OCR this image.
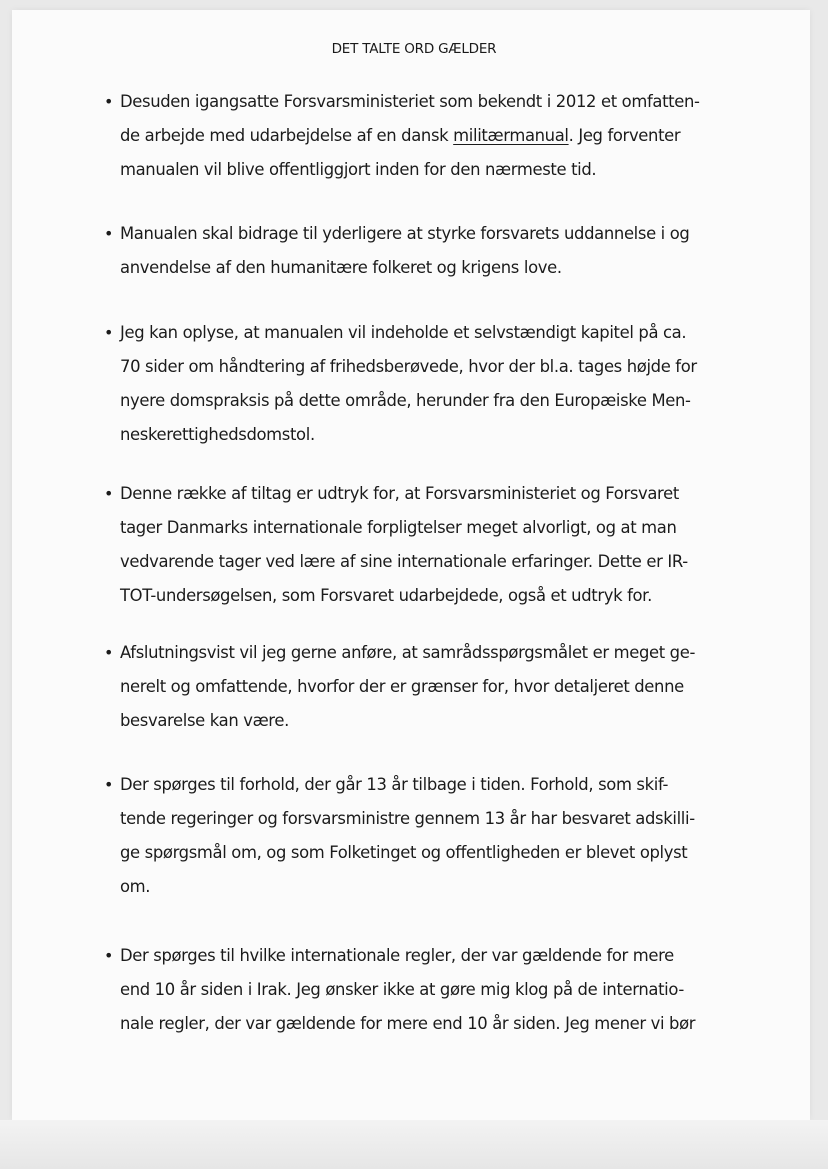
DET TALTE ORD GÆLDER
• Desuden igangsatte Forsvarsministeriet som bekendt i 2012 et omfatten-
de arbejde med udarbejdelse af en dansk militærmanual. Jeg forventer
manualen vil blive offentliggjort inden for den nærmeste tid.
• Manualen skal bidrage til yderligere at styrke forsvarets uddannelse i og
anvendelse af den humanitære folkeret og krigens love.
• Jeg kan oplyse, at manualen vil indeholde et selvstændigt kapitel på ca.
70 sider om håndtering af frihedsberøvede, hvor der bl.a. tages højde for
nyere domspraksis på dette område, herunder fra den Europæiske Men-
neskerettighedsdomstol.
• Denne række af tiltag er udtryk for, at Forsvarsministeriet og Forsvaret
tager Danmarks internationale forpligtelser meget alvorligt, og at man
vedvarende tager ved lære af sine internationale erfaringer. Dette er IR-
TOT-undersøgelsen, som Forsvaret udarbejdede, også et udtryk for.
• Afslutningsvist vil jeg gerne anføre, at samrådsspørgsmålet er meget ge-
nerelt og omfattende, hvorfor der er grænser for, hvor detaljeret denne
besvarelse kan være.
• Der spørges til forhold, der går 13 år tilbage i tiden. Forhold, som skif-
tende regeringer og forsvarsministre gennem 13 år har besvaret adskilli-
ge spørgsmål om, og som Folketinget og offentligheden er blevet oplyst
om.
• Der spørges til hvilke internationale regler, der var gældende for mere
end 10 år siden i Irak. Jeg ønsker ikke at gøre mig klog på de internatio-
nale regler, der var gældende for mere end 10 år siden. Jeg mener vi bør
